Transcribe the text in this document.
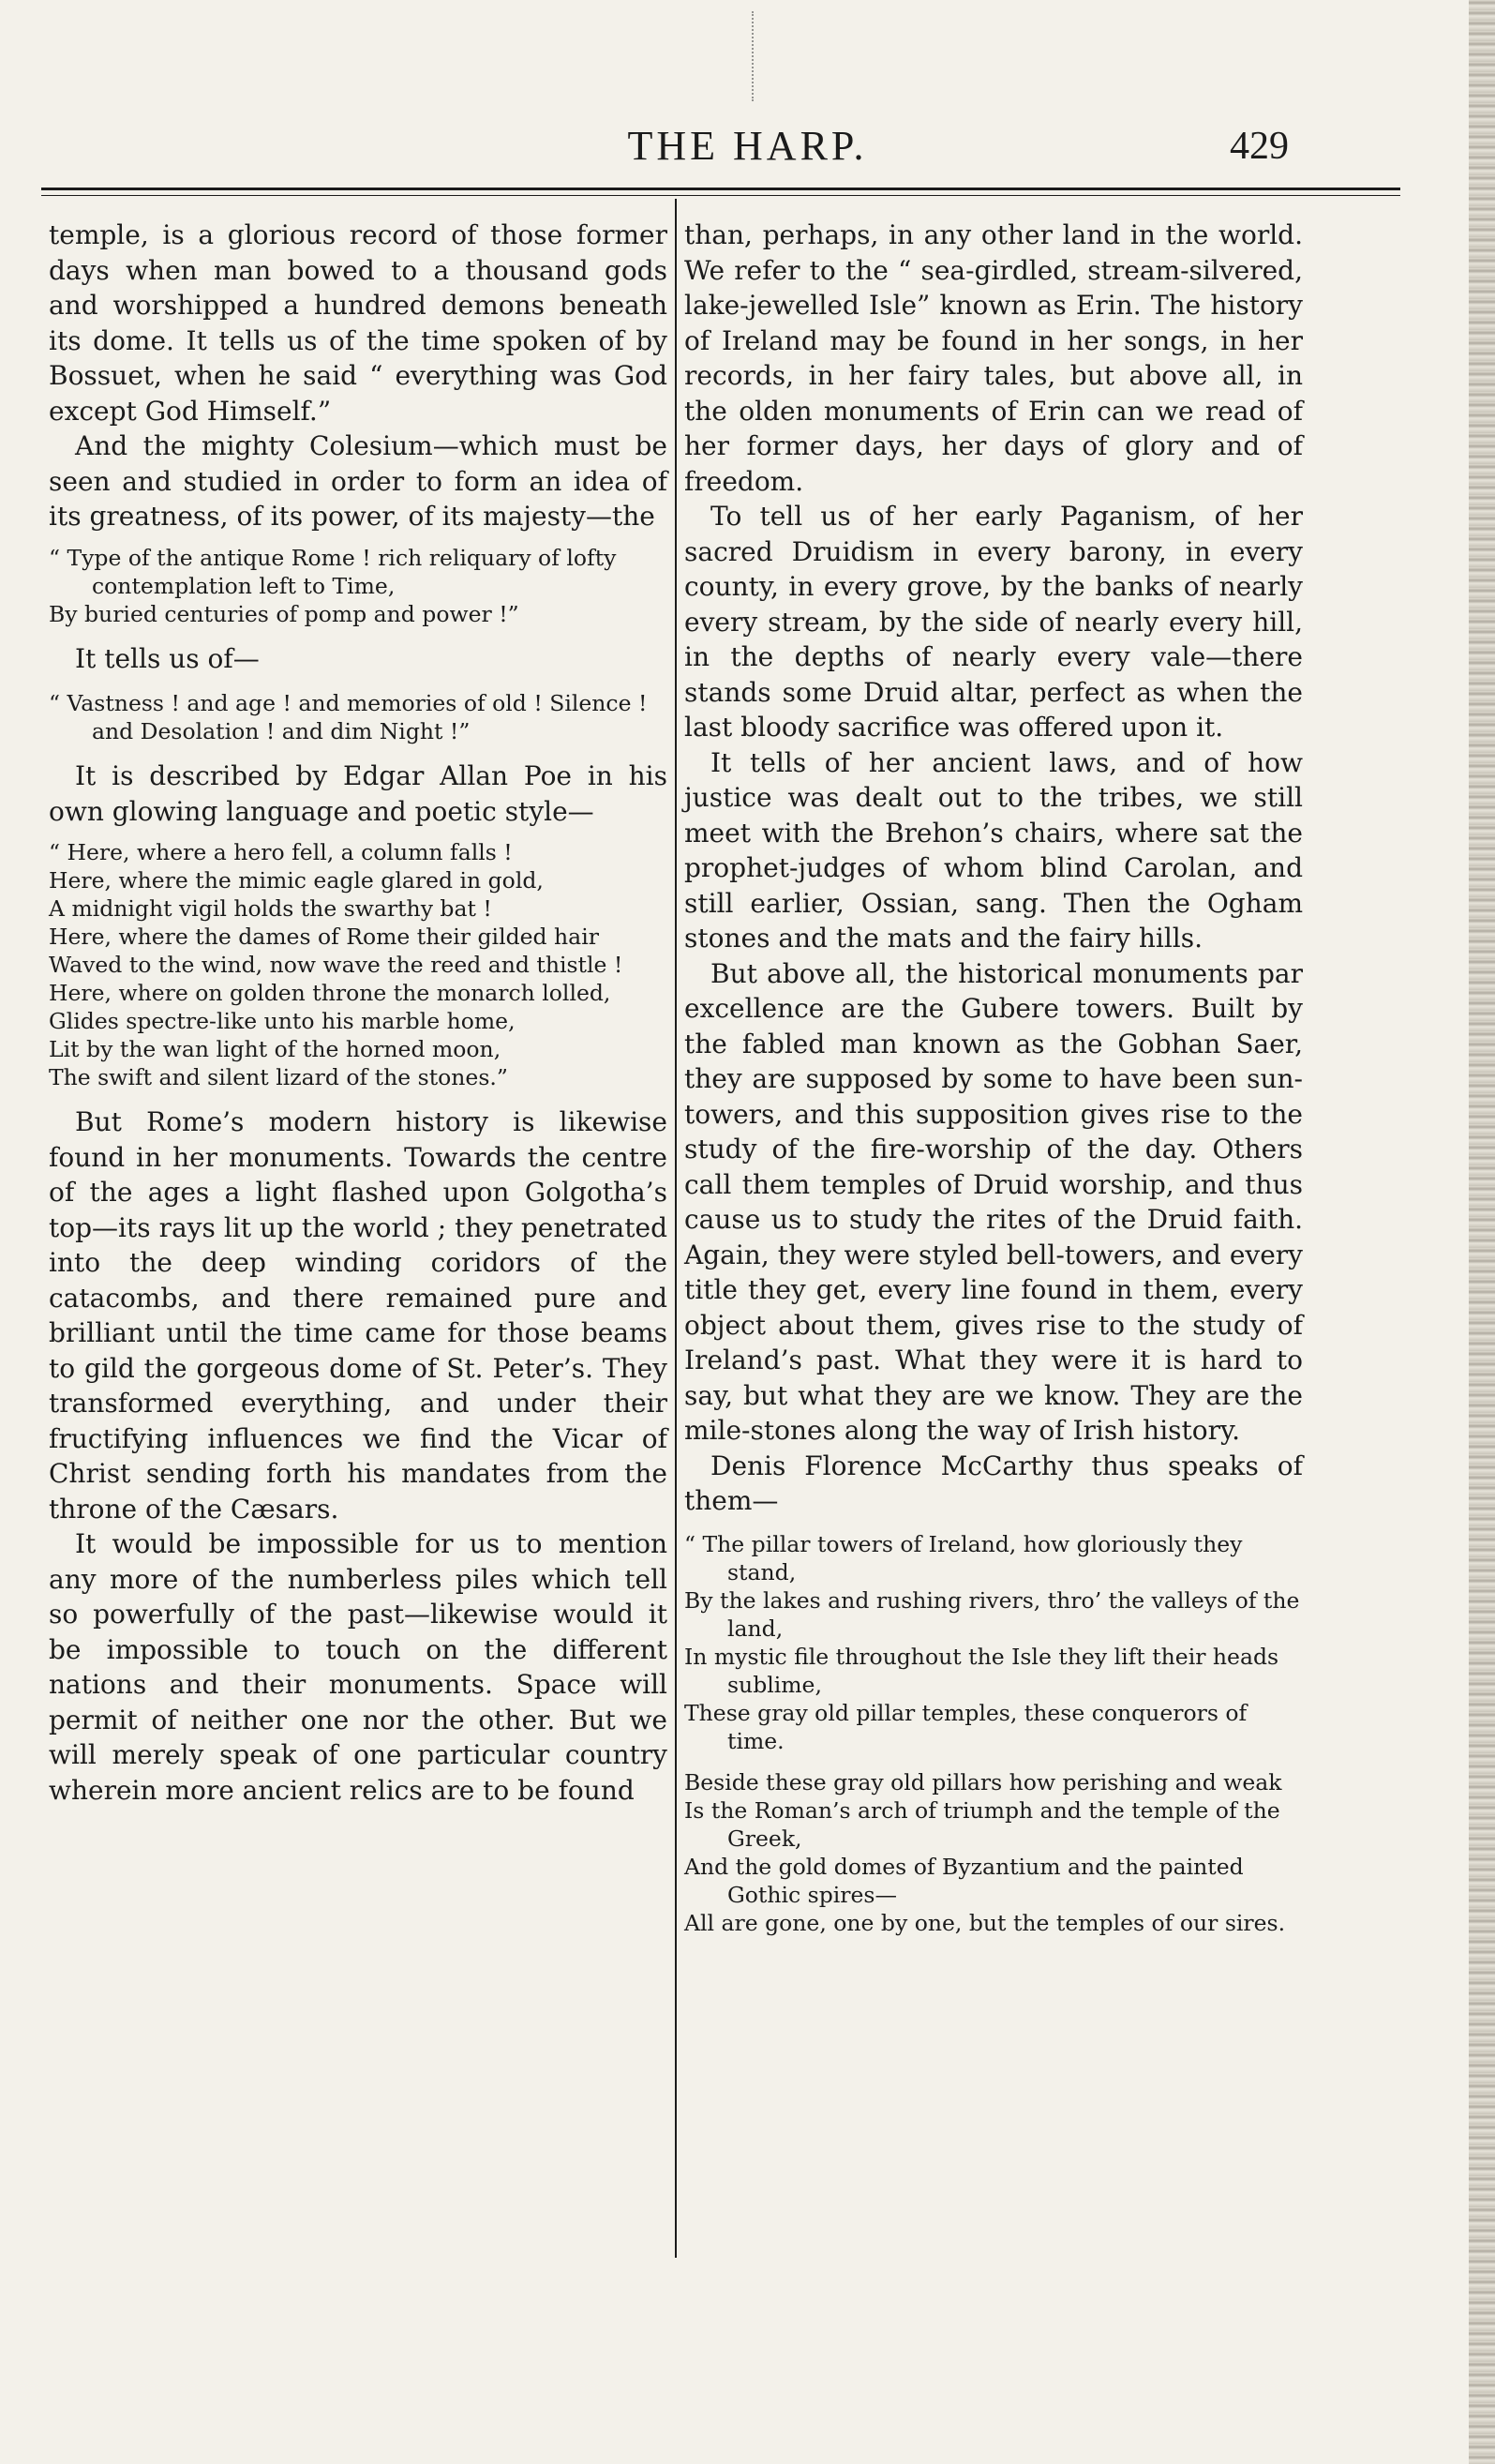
THE HARP.	429

temple, is a glorious record of those former days when man bowed to a thousand gods and worshipped a hundred demons beneath its dome. It tells us of the time spoken of by Bossuet, when he said “ everything was God except God Himself.”

And the mighty Colesium—which must be seen and studied in order to form an idea of its greatness, of its power, of its majesty—the

“ Type of the antique Rome ! rich reliquary of lofty contemplation left to Time,
By buried centuries of pomp and power !”

It tells us of—

“ Vastness ! and age ! and memories of old ! Silence ! and Desolation ! and dim Night !”

It is described by Edgar Allan Poe in his own glowing language and poetic style—

“ Here, where a hero fell, a column falls !
Here, where the mimic eagle glared in gold,
A midnight vigil holds the swarthy bat !
Here, where the dames of Rome their gilded hair
Waved to the wind, now wave the reed and thistle !
Here, where on golden throne the monarch lolled,
Glides spectre-like unto his marble home,
Lit by the wan light of the horned moon,
The swift and silent lizard of the stones.”

But Rome’s modern history is likewise found in her monuments. Towards the centre of the ages a light flashed upon Golgotha’s top—its rays lit up the world ; they penetrated into the deep winding coridors of the catacombs, and there remained pure and brilliant until the time came for those beams to gild the gorgeous dome of St. Peter’s. They transformed everything, and under their fructifying influences we find the Vicar of Christ sending forth his mandates from the throne of the Cæsars.

It would be impossible for us to mention any more of the numberless piles which tell so powerfully of the past—likewise would it be impossible to touch on the different nations and their monuments. Space will permit of neither one nor the other. But we will merely speak of one particular country wherein more ancient relics are to be found

than, perhaps, in any other land in the world. We refer to the “ sea-girdled, stream-silvered, lake-jewelled Isle” known as Erin. The history of Ireland may be found in her songs, in her records, in her fairy tales, but above all, in the olden monuments of Erin can we read of her former days, her days of glory and of freedom.

To tell us of her early Paganism, of her sacred Druidism in every barony, in every county, in every grove, by the banks of nearly every stream, by the side of nearly every hill, in the depths of nearly every vale—there stands some Druid altar, perfect as when the last bloody sacrifice was offered upon it.

It tells of her ancient laws, and of how justice was dealt out to the tribes, we still meet with the Brehon’s chairs, where sat the prophet-judges of whom blind Carolan, and still earlier, Ossian, sang. Then the Ogham stones and the mats and the fairy hills.

But above all, the historical monuments par excellence are the Gubere towers. Built by the fabled man known as the Gobhan Saer, they are supposed by some to have been sun-towers, and this supposition gives rise to the study of the fire-worship of the day. Others call them temples of Druid worship, and thus cause us to study the rites of the Druid faith. Again, they were styled bell-towers, and every title they get, every line found in them, every object about them, gives rise to the study of Ireland’s past. What they were it is hard to say, but what they are we know. They are the mile-stones along the way of Irish history.

Denis Florence McCarthy thus speaks of them—

“ The pillar towers of Ireland, how gloriously they stand,
By the lakes and rushing rivers, thro’ the valleys of the land,
In mystic file throughout the Isle they lift their heads sublime,
These gray old pillar temples, these conquerors of time.
Beside these gray old pillars how perishing and weak
Is the Roman’s arch of triumph and the temple of the Greek,
And the gold domes of Byzantium and the painted Gothic spires—
All are gone, one by one, but the temples of our sires.
